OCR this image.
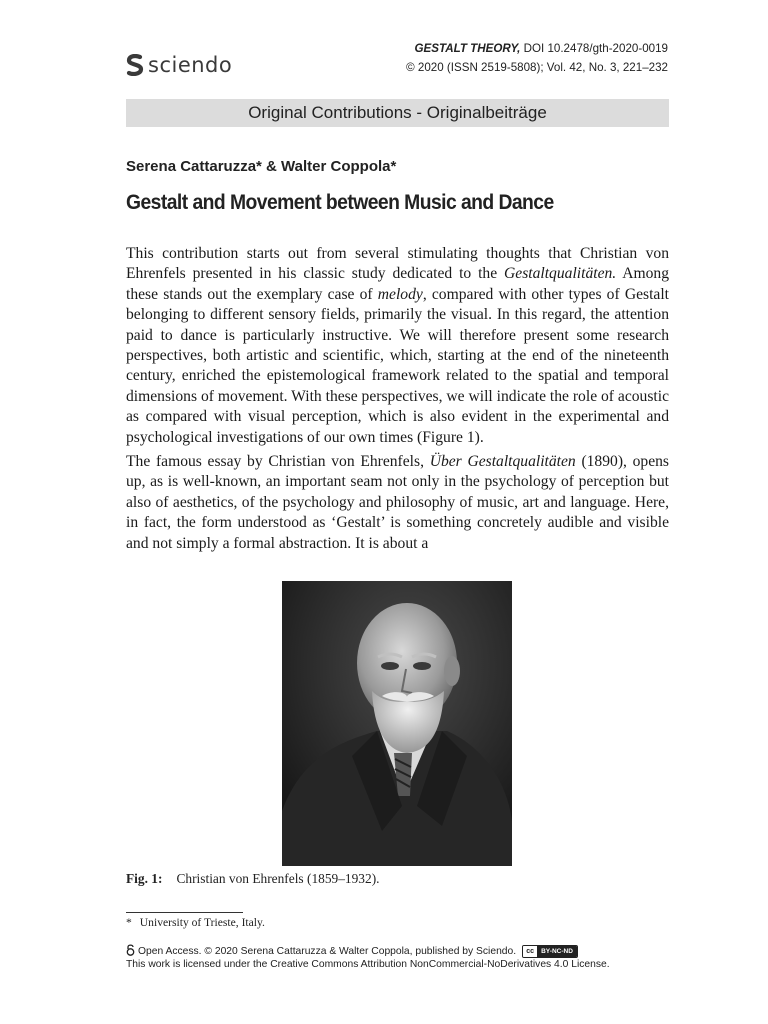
sciendo
GESTALT THEORY, DOI 10.2478/gth-2020-0019
© 2020 (ISSN 2519-5808); Vol. 42, No. 3, 221–232
Original Contributions - Originalbeiträge
Serena Cattaruzza* & Walter Coppola*
Gestalt and Movement between Music and Dance

This contribution starts out from several stimulating thoughts that Christian von Ehrenfels presented in his classic study dedicated to the Gestaltqualitäten. Among these stands out the exemplary case of melody, compared with other types of Gestalt belonging to different sensory fields, primarily the visual. In this regard, the attention paid to dance is particularly instructive. We will therefore present some research perspectives, both artistic and scientific, which, starting at the end of the nineteenth century, enriched the epistemological framework related to the spatial and temporal dimensions of movement. With these perspectives, we will indicate the role of acoustic as compared with visual perception, which is also evident in the experimental and psychological investigations of our own times (Figure 1).

The famous essay by Christian von Ehrenfels, Über Gestaltqualitäten (1890), opens up, as is well-known, an important seam not only in the psychology of perception but also of aesthetics, of the psychology and philosophy of music, art and language. Here, in fact, the form understood as ‘Gestalt’ is something concretely audible and visible and not simply a formal abstraction. It is about a

Fig. 1: Christian von Ehrenfels (1859–1932).
* University of Trieste, Italy.
Open Access. © 2020 Serena Cattaruzza & Walter Coppola, published by Sciendo.	cc	BY-NC-ND
This work is licensed under the Creative Commons Attribution NonCommercial-NoDerivatives 4.0 License.
